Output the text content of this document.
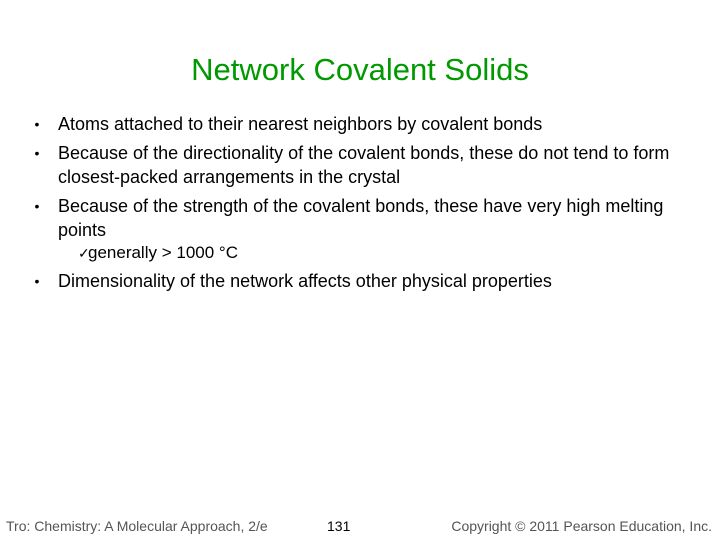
Network Covalent Solids
• Atoms attached to their nearest neighbors by covalent bonds
• Because of the directionality of the covalent bonds, these do not tend to form closest-packed arrangements in the crystal
• Because of the strength of the covalent bonds, these have very high melting points
✓
generally > 1000 °C
• Dimensionality of the network affects other physical properties
Tro: Chemistry: A Molecular Approach, 2/e	131	Copyright © 2011 Pearson Education, Inc.
